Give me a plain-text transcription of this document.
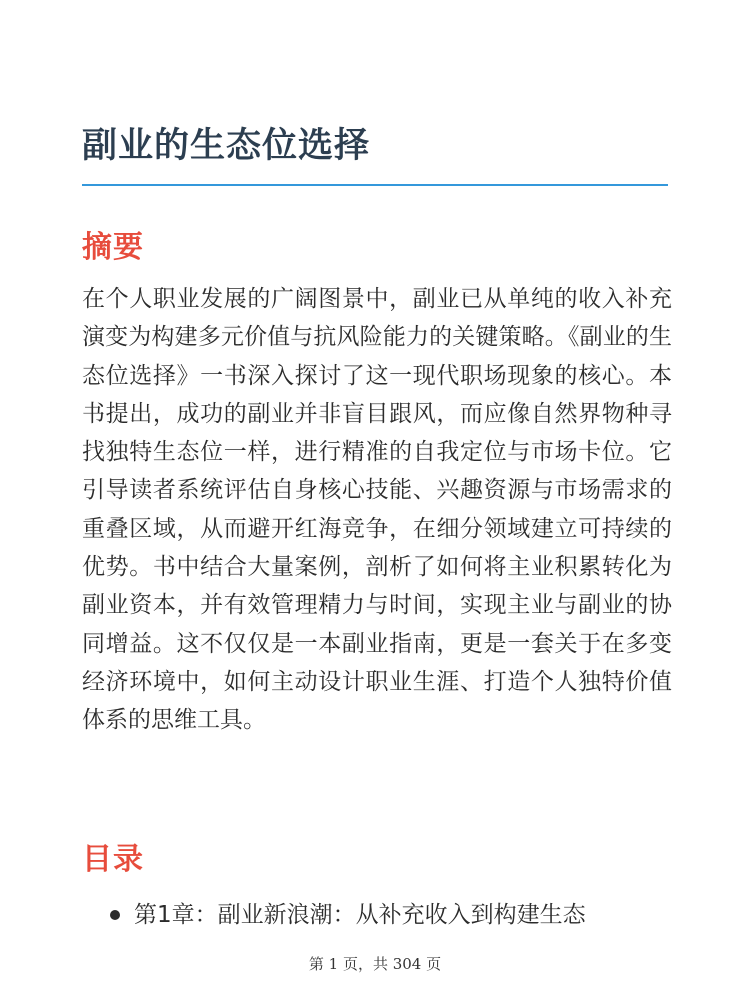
副业的生态位选择
摘要

在个人职业发展的广阔图景中，副业已从单纯的收入补充演变为构建多元价值与抗风险能力的关键策略。《副业的生态位选择》一书深入探讨了这一现代职场现象的核心。本书提出，成功的副业并非盲目跟风，而应像自然界物种寻找独特生态位一样，进行精准的自我定位与市场卡位。它引导读者系统评估自身核心技能、兴趣资源与市场需求的重叠区域，从而避开红海竞争，在细分领域建立可持续的优势。书中结合大量案例，剖析了如何将主业积累转化为副业资本，并有效管理精力与时间，实现主业与副业的协同增益。这不仅仅是一本副业指南，更是一套关于在多变经济环境中，如何主动设计职业生涯、打造个人独特价值体系的思维工具。

目录
第1章：副业新浪潮：从补充收入到构建生态
第 1 页，共 304 页
